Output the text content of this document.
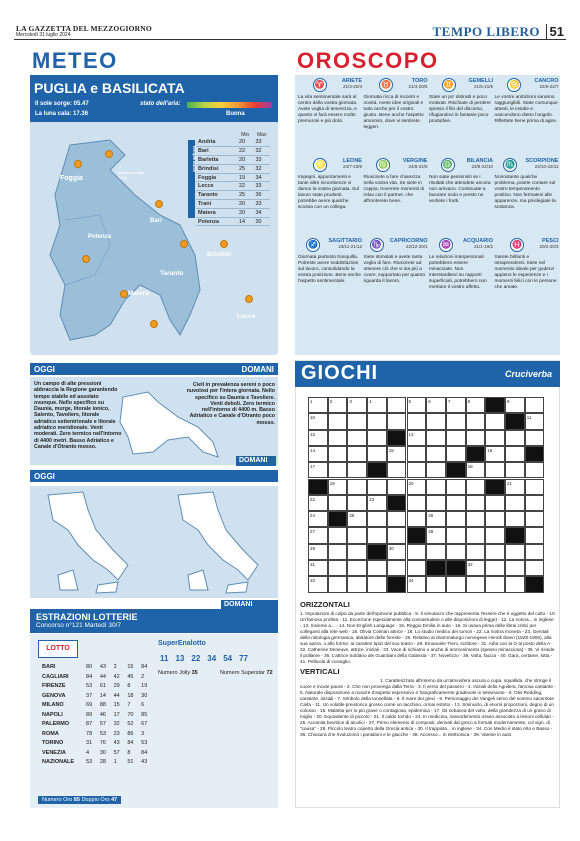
LA GAZZETTA DEL MEZZOGIORNO
Mercoledì 31 luglio 2024	TEMPO LIBERO 51
METEO
PUGLIA e BASILICATA
Il sole sorge: 05.47
La luna cala: 17.36
stato dell'aria:
Buona
Foggia
Barletta Andria Trani
Bari
Potenza
Taranto
Brindisi
Matera
Lecce
Temperature
	Min	Max
Andria	20	33
Bari	22	32
Barletta	20	33
Brindisi	25	32
Foggia	19	34
Lecce	22	33
Taranto	25	36
Trani	20	33
Matera	20	34
Potenza	14	30
OGGI	DOMANI
Un campo di alte pressioni abbraccia la Regione garantendo tempo stabile ed assolato ovunque. Nello specifico su Daunia, murge, litorale ionico, Salento, Tavoliere, litorale adriatico settentrionale e litorale adriatico meridionale. Venti moderati. Zero termico nell'intorno di 4400 metri. Basso Adriatico e Canale d'Otranto mosso.
Cieli in prevalenza sereni o poco nuvolosi per l'intera giornata. Nello specifico su Daunia e Tavoliere. Venti deboli. Zero termico nell'intorno di 4400 m. Basso Adriatico e Canale d'Otranto poco mosso.
DOMANI
OGGI
DOMANI
ESTRAZIONI LOTTERIE
Concorso n°121 Martedì 30/7
LOTTO
SuperEnalotto
BARI	80	43	2	15	84
CAGLIARI	84	44	42	45	2
FIRENZE	53	61	29	8	19
GENOVA	37	14	44	18	30
MILANO	69	88	15	7	6
NAPOLI	89	46	17	70	85
PALERMO	87	57	32	52	67
ROMA	78	53	23	86	3
TORINO	31	76	43	84	53
VENEZIA	4	30	57	8	84
NAZIONALE	53	28	1	51	43
11 13 22 34 54 77
Numero Jolly 35	Numero Superstar 72
Numero Oro 85 Doppio Oro 47
OROSCOPO
♈	ARIETE
21/3-20/4
La vita sentimentale sarà al centro della vostra giornata. Avete voglia di tenerezza, e questo vi farà essere molto premurosi e più dolci.
♉	TORO
21/4-20/5
Giornata ricca di incontri e novità. Avete idee originali e tutto anche per il vostro giusto. Bene anche l'aspetto amoroso, dove vi sentirete leggeri.
♊	GEMELLI
21/5-21/6
State un po' distratti e poco motivati. Rischiate di perdere spesso il filo del discorso, rifugiandovi in fantasie poco produttive.
♋	CANCRO
22/6-22/7
Le vostre ambizioni saranno raggiungibili. State comunque attenti, le insidie e nascondono dietro l'angolo. Riflettete bene prima di agire.
♌	LEONE
23/7-23/8
Impegni, appuntamenti e tante altre incombenze vi danno la vostra giornata. Sul lavoro state prudenti, potrebbe avere qualche scossa con un collega.
♍	VERGINE
24/8-22/9
Riuscirete a fare chiarezza nella vostra vita. Se siete in coppia, troverete momenti di relax con il partner, che affronterete bene.
♎	BILANCIA
23/9-22/10
Non siate pessimisti se i risultati che attendete ancora non arrivano. Continuate a lavorare sodo e presto ne vedrete i frutti.
♏	SCORPIONE
23/10-22/11
Nonostante qualche problema, potete contare sul vostro temperamento positivo. Non fermatevi alle apparenze, ma privilegiate la sostanza.
♐	SAGITTARIO
23/11-21/12
Giornata piuttosto tranquilla. Potreste avere soddisfazioni sul lavoro, consolidando la vostra posizione. Bene anche l'aspetto sentimentale.
♑	CAPRICORNO
22/12-20/1
Siete stimolati e avete tanta voglia di fare. Riuscirete ad ottenere ciò che vi sta più a cuore, sopportato per quanto riguarda il lavoro.
♒	ACQUARIO
21/1-19/2
Le relazioni interpersonali potrebbero essere minacciate. Non interstarditevi su rapporti superficiali, potrebbero non meritare il vostro affetto.
♓	PESCI
20/2-20/3
Sarete brillanti e intraprendenti. Siete nel momento ideale per godervi appieno le esperienze e i momenti felici con le persone che amate.
GIOCHI	Cruciverba
1	2	3	4	5	6	7	8	9
10	11
12	13
14	15	16
17	18
19	20	21
22	23
24	25	26
27	28
29	30
31	32
33	34
ORIZZONTALI

1. Imputazioni di colpa da parte dell'opinione pubblica - 5. Il simulacro che rappresenta l'essere che è oggetto del culto - 10. Un'famoso profeta - 11. Eccezione (specialmente alla consuetudine o alle disposizioni di legge) - 12. La nonna... in inglese - 13. Insieme a... - 14. Non-English Language - 15. Reggio Emilia in auto - 16. Si usava prima delle librai critici per collegarsi alla rete web - 18. Olivia Colman attrice - 19. Lo studio medico dei tumori - 22. La nostra moneta - 23. Genitali della mitologia germanica, abitatore delle foreste - 26. Relativo al drammaturgo norvegese Henrik Ibsen (1828-1906), alla sua opera, o allo forme, ai caratteri tipici del suo teatro - 29. Emanuele Treni, scrittore - 31. Adìa con la O al posto della A - 32. Catherine Deneuve, attrice, iniziali - 33. Voce di richiamo o anche di ammonimento (spesso minacciosa) - 35. Vi risiede il pollame - 36. L'attrice Soldano dei Guardiani della Galassia - 37. Novelizzo - 39. Volta, faccia - 40. Gara, certame, lotta - 41. Pellicola di consiglio.

VERTICALI

1. Caratterizzato all'interno da un'atmosfera oscura o cupa, squallida, che stringe il cuore e incute paura - 2. Che non provenga dalla Terra - 3. Il verso del passero - 4. Iniziali dello Aguilera, famosa cantante - 5. Naturale disposizione a riuscire d'aspetto espressivo e fotograficamente gradevole in televisione - 6. Otis Redding, cantante, iniziali - 7. Simbolo della tonnellata - 8. Il mare dei greci - 9. Personaggio dei Vangeli servo del sommo sacerdote Caifa - 11. Un volatile preistorico grosso come un tacchino, ormai estinto - 13. Sminuirlo, di enorni proporzioni, degno di un colosso - 16. Malattia per lo più grave o contagiosa, epidemica - 17. Gli sebacea del volto, della grandezza di un grano di miglio - 20. Equivalente di piccolo - 21. Il caldo torrido - 24. In medicina, riassorbimento osseo associato a lesioni cellulari - 25. Accanita bevitrice di alcolici - 27. Primo elemento di composti, derivati dal greco a formati modernamente, col sign. di "causa" - 28. Piccolo teatro coperto della Grecia antica - 30. Il trappista... in inglese - 34. Con Medio è stato Alto e Basso - 36. Chiusura che rivoluzionò i pantaloni e le giacche - 38. Accesso... in elettronica - 39. Varese in auto
